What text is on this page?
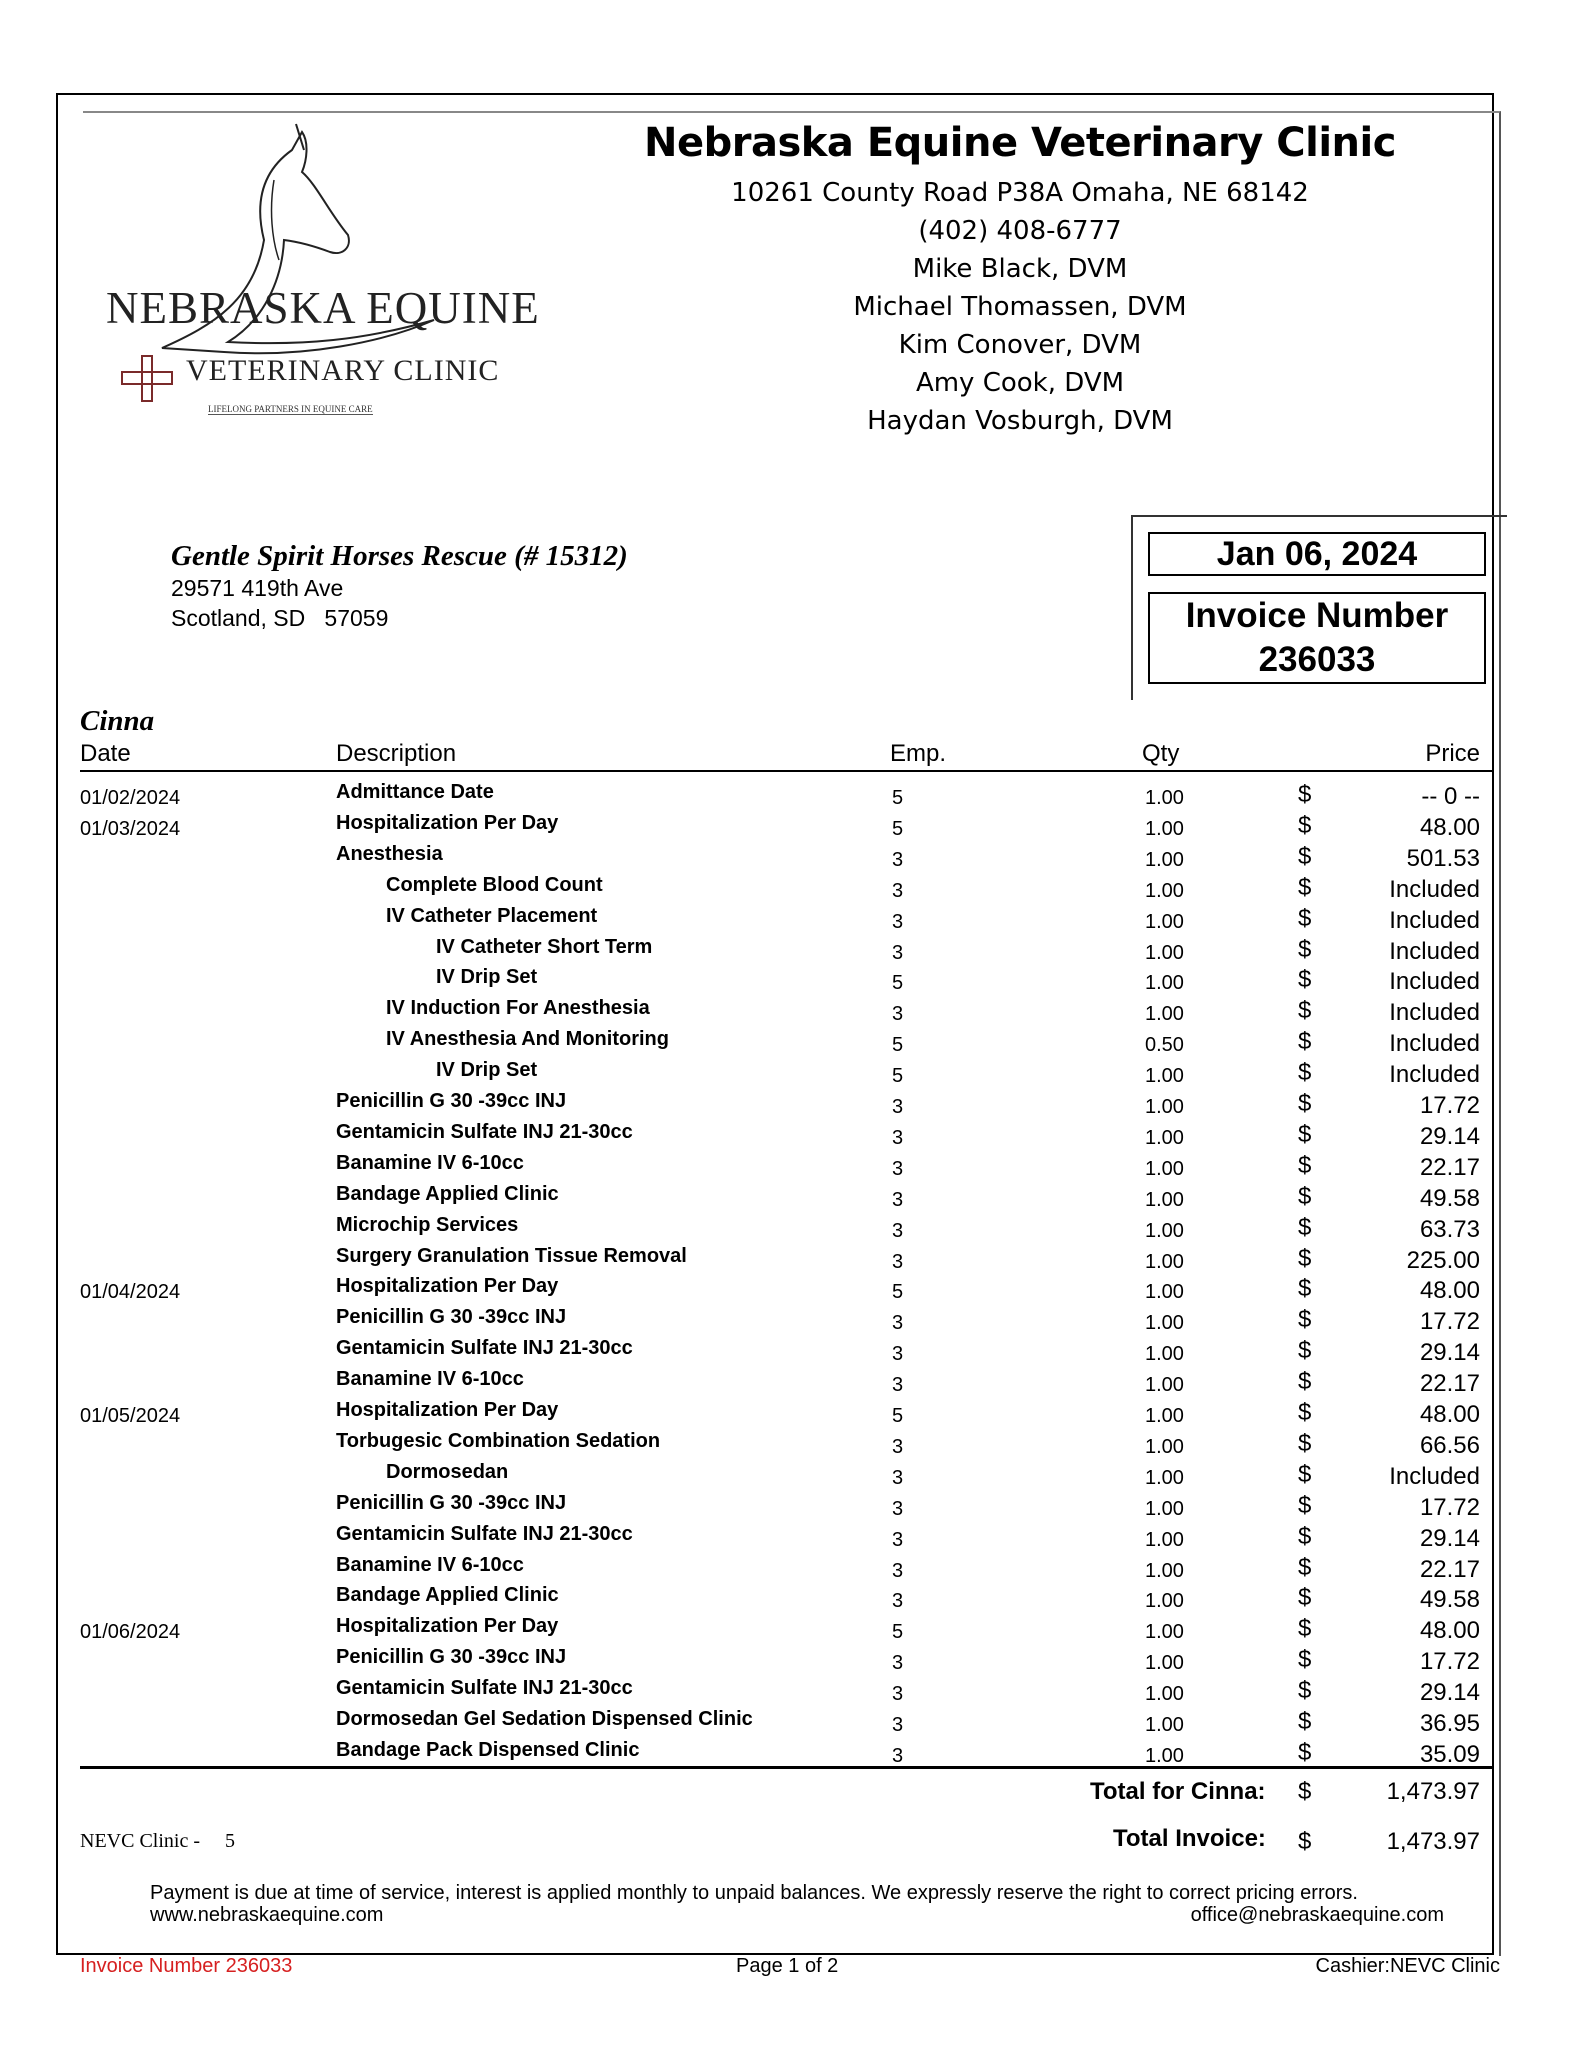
NEBRASKA EQUINE
VETERINARY CLINIC
LIFELONG PARTNERS IN EQUINE CARE
Nebraska Equine Veterinary Clinic
10261 County Road P38A Omaha, NE 68142
(402) 408-6777
Mike Black, DVM
Michael Thomassen, DVM
Kim Conover, DVM
Amy Cook, DVM
Haydan Vosburgh, DVM
Gentle Spirit Horses Rescue (# 15312)
29571 419th Ave
Scotland, SD   57059
Jan 06, 2024
Invoice Number
236033
Cinna
Date	Description	Emp.	Qty	Price
01/02/2024	Admittance Date	5	1.00	$	-- 0 --
01/03/2024	Hospitalization Per Day	5	1.00	$	48.00
Anesthesia	3	1.00	$	501.53
Complete Blood Count	3	1.00	$	Included
IV Catheter Placement	3	1.00	$	Included
IV Catheter Short Term	3	1.00	$	Included
IV Drip Set	5	1.00	$	Included
IV Induction For Anesthesia	3	1.00	$	Included
IV Anesthesia And Monitoring	5	0.50	$	Included
IV Drip Set	5	1.00	$	Included
Penicillin G 30 -39cc INJ	3	1.00	$	17.72
Gentamicin Sulfate INJ 21-30cc	3	1.00	$	29.14
Banamine IV 6-10cc	3	1.00	$	22.17
Bandage Applied Clinic	3	1.00	$	49.58
Microchip Services	3	1.00	$	63.73
Surgery Granulation Tissue Removal	3	1.00	$	225.00
01/04/2024	Hospitalization Per Day	5	1.00	$	48.00
Penicillin G 30 -39cc INJ	3	1.00	$	17.72
Gentamicin Sulfate INJ 21-30cc	3	1.00	$	29.14
Banamine IV 6-10cc	3	1.00	$	22.17
01/05/2024	Hospitalization Per Day	5	1.00	$	48.00
Torbugesic Combination Sedation	3	1.00	$	66.56
Dormosedan	3	1.00	$	Included
Penicillin G 30 -39cc INJ	3	1.00	$	17.72
Gentamicin Sulfate INJ 21-30cc	3	1.00	$	29.14
Banamine IV 6-10cc	3	1.00	$	22.17
Bandage Applied Clinic	3	1.00	$	49.58
01/06/2024	Hospitalization Per Day	5	1.00	$	48.00
Penicillin G 30 -39cc INJ	3	1.00	$	17.72
Gentamicin Sulfate INJ 21-30cc	3	1.00	$	29.14
Dormosedan Gel Sedation Dispensed Clinic	3	1.00	$	36.95
Bandage Pack Dispensed Clinic	3	1.00	$	35.09
Total for Cinna: $	1,473.97
Total Invoice: $	1,473.97
NEVC Clinic -     5
Payment is due at time of service, interest is applied monthly to unpaid balances. We expressly reserve the right to correct pricing errors.
www.nebraskaequine.com	office@nebraskaequine.com
Invoice Number 236033	Page 1 of 2	Cashier:NEVC Clinic
